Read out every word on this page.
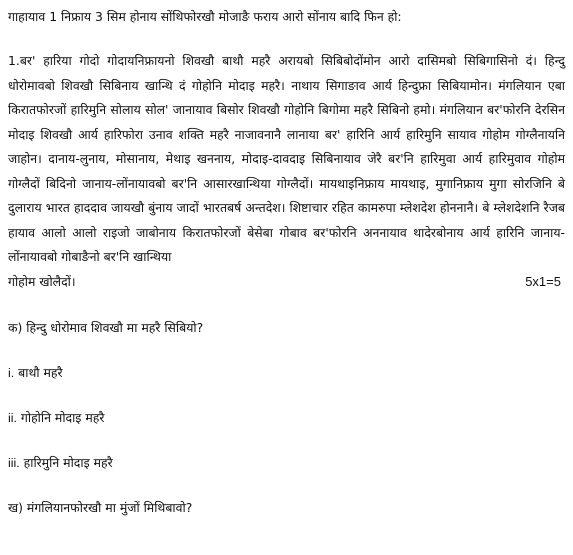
गाहायाव 1 निफ्राय 3 सिम होनाय सोंथिफोरखौ मोजाङै फराय आरो सोंनाय बादि फिन हो:

1.बर' हारिया गोदो गोदायनिफ्रायनो शिवखौ बाथौ महरै अरायबो सिबिबोदोंमोन आरो दासिमबो सिबिगासिनो दं। हिन्दु धोरोमावबो शिवखौ सिबिनाय खान्थि दं गोहोनि मोदाइ महरै। नाथाय सिगाङाव आर्य हिन्दुफ्रा सिबियामोन। मंगलियान एबा किरातफोरजों हारिमुनि सोलाय सोल' जानायाव बिसोर शिवखौ गोहोनि बिगोमा महरै सिबिनो हमो। मंगलियान बर'फोरनि देरसिन मोदाइ शिवखौ आर्य हारिफोरा उनाव शक्ति महरै नाजावनानै लानाया बर' हारिनि आर्य हारिमुनि सायाव गोहोम गोग्लैनायनि जाहोन। दानाय-लुनाय, मोसानाय, मेथाइ खननाय, मोदाइ-दावदाइ सिबिनायाव जेरै बर'नि हारिमुवा आर्य हारिमुवाव गोहोम गोग्लैदों बिदिनो जानाय-लोंनायावबो बर'नि आसारखान्थिया गोग्लैदों। मायथाइनिफ्राय मायथाइ, मुगानिफ्राय मुगा सोरजिनि बे दुलाराय भारत हाददाव जायखौ बुंनाय जादों भारतबर्ष अन्तदेश। शिष्टाचार रहित कामरुपा म्लेशदेश होननानै। बे म्लेशदेशनि रैजब हायाव आलो आलो राइजो जाबोनाय किरातफोरजों बेसेबा गोबाव बर'फोरनि अननायाव थादेरबोनाय आर्य हारिनि जानाय-लोंनायावबो गोबाङैनो बर'नि खान्थिया

गोहोम खोलैदों।	5x1=5

क) हिन्दु धोरोमाव शिवखौ मा महरै सिबियो?

i. बाथौ महरै

ii. गोहोनि मोदाइ महरै

iii. हारिमुनि मोदाइ महरै

ख) मंगलियानफोरखौ मा मुंजों मिथिबावो?
